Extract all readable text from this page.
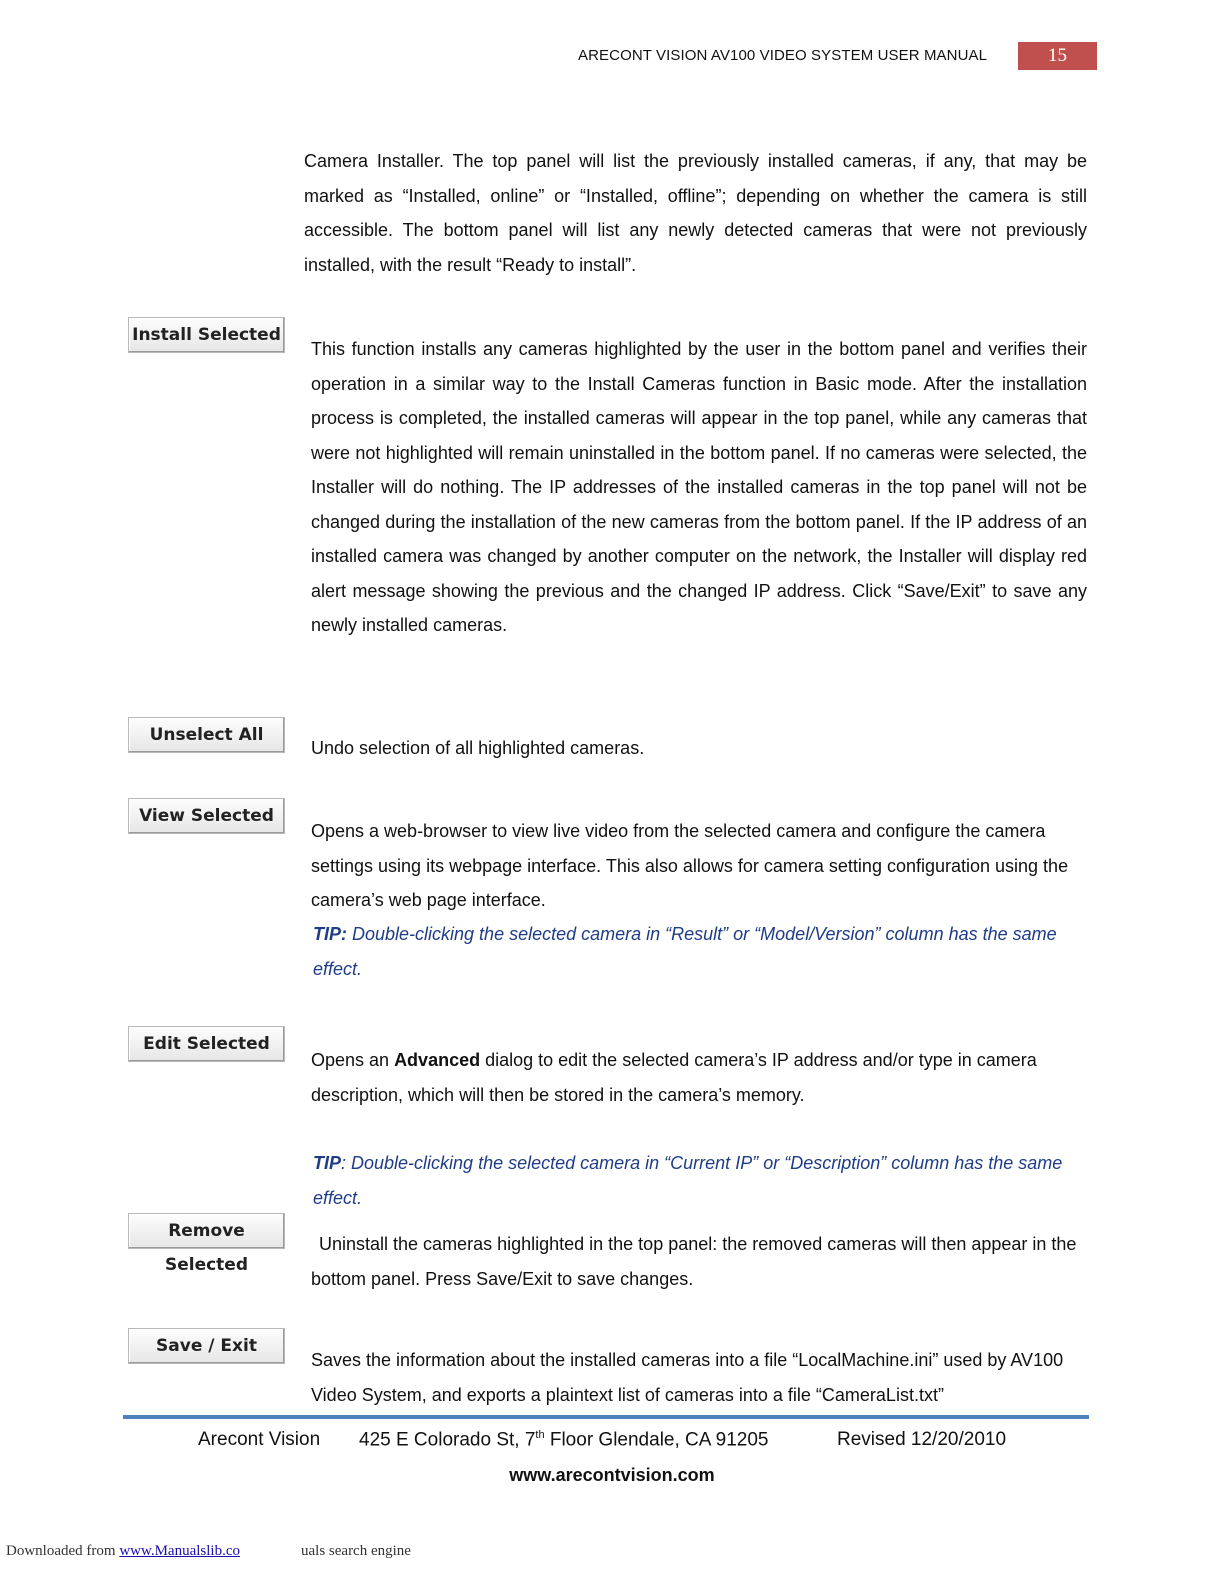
ARECONT VISION AV100 VIDEO SYSTEM USER MANUAL	15

Camera Installer. The top panel will list the previously installed cameras, if any, that may be marked as “Installed, online” or “Installed, offline”; depending on whether the camera is still accessible. The bottom panel will list any newly detected cameras that were not previously installed, with the result “Ready to install”.

Install Selected

This function installs any cameras highlighted by the user in the bottom panel and verifies their operation in a similar way to the Install Cameras function in Basic mode. After the installation process is completed, the installed cameras will appear in the top panel, while any cameras that were not highlighted will remain uninstalled in the bottom panel. If no cameras were selected, the Installer will do nothing. The IP addresses of the installed cameras in the top panel will not be changed during the installation of the new cameras from the bottom panel. If the IP address of an installed camera was changed by another computer on the network, the Installer will display red alert message showing the previous and the changed IP address. Click “Save/Exit” to save any newly installed cameras.

Unselect All

Undo selection of all highlighted cameras.

View Selected

Opens a web-browser to view live video from the selected camera and configure the camera settings using its webpage interface. This also allows for camera setting configuration using the camera’s web page interface.

TIP: Double-clicking the selected camera in “Result” or “Model/Version” column has the same effect.

Edit Selected

Opens an Advanced dialog to edit the selected camera’s IP address and/or type in camera description, which will then be stored in the camera’s memory.

TIP: Double-clicking the selected camera in “Current IP” or “Description” column has the same effect.

Remove Selected

Uninstall the cameras highlighted in the top panel: the removed cameras will then appear in the bottom panel. Press Save/Exit to save changes.

Save / Exit

Saves the information about the installed cameras into a file “LocalMachine.ini” used by AV100 Video System, and exports a plaintext list of cameras into a file “CameraList.txt”

Arecont Vision 425 E Colorado St, 7th Floor Glendale, CA 91205	Revised 12/20/2010
www.arecontvision.com
Downloaded from www.Manualslib.co	uals search engine
